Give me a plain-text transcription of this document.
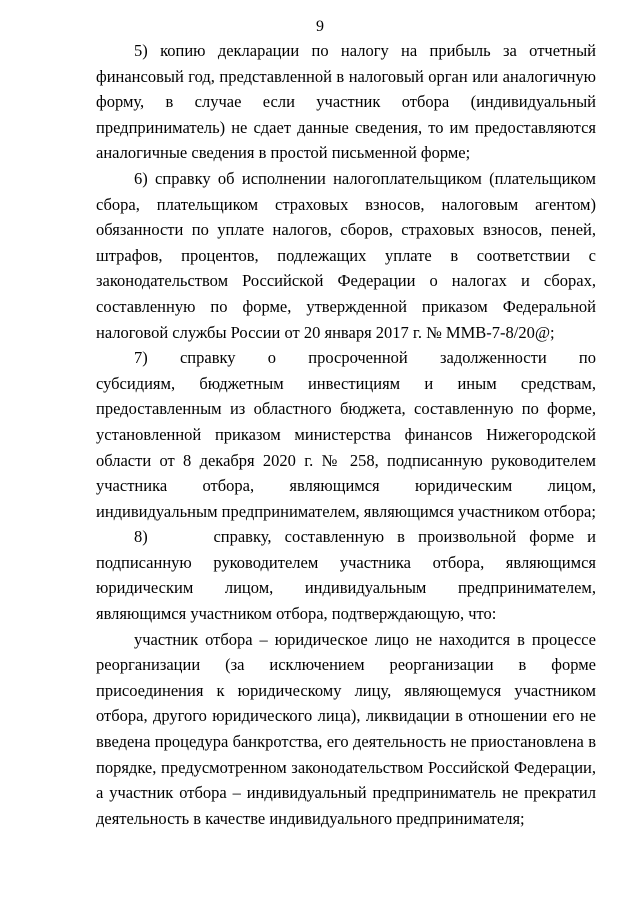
9

5) копию декларации по налогу на прибыль за отчетный финансовый год, представленной в налоговый орган или аналогичную форму, в случае если участник отбора (индивидуальный предприниматель) не сдает данные сведения, то им предоставляются аналогичные сведения в простой письменной форме;

6) справку об исполнении налогоплательщиком (плательщиком сбора, плательщиком страховых взносов, налоговым агентом) обязанности по уплате налогов, сборов, страховых взносов, пеней, штрафов, процентов, подлежащих уплате в соответствии с законодательством Российской Федерации о налогах и сборах, составленную по форме, утвержденной приказом Федеральной налоговой службы России от 20 января 2017 г. № ММВ-7-8/20@;

7)     справку     о     просроченной     задолженности     по     субсидиям, бюджетным инвестициям и иным средствам, предоставленным из областного бюджета, составленную по форме, установленной приказом министерства финансов Нижегородской области от 8 декабря 2020 г. № 258, подписанную руководителем участника отбора, являющимся юридическим лицом, индивидуальным предпринимателем, являющимся участником отбора;

8)     справку, составленную в произвольной форме и подписанную руководителем участника отбора, являющимся юридическим лицом, индивидуальным предпринимателем, являющимся участником отбора, подтверждающую, что:

участник отбора – юридическое лицо не находится в процессе реорганизации (за исключением реорганизации в форме присоединения к юридическому лицу, являющемуся участником отбора, другого юридического лица), ликвидации в отношении его не введена процедура банкротства, его деятельность не приостановлена в порядке, предусмотренном законодательством Российской Федерации, а участник отбора – индивидуальный предприниматель не прекратил деятельность в качестве индивидуального предпринимателя;
